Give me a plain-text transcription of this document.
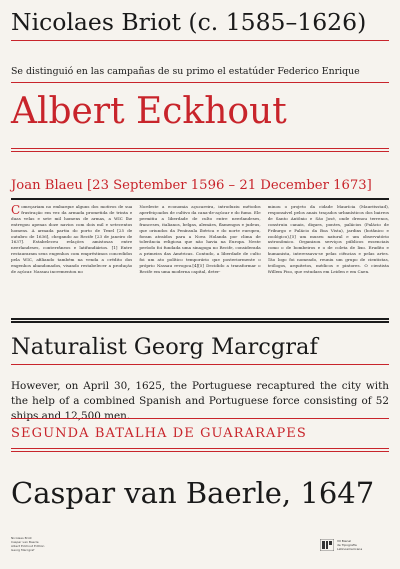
Nicolaes Briot (c. 1585–1626)
Se distinguió en las campañas de su primo el estatúder Federico Enrique
Albert Eckhout
Joan Blaeu [23 September 1596 – 21 December 1673]
Começariam no embarque alguns dos motivos de sua frustração em vez da armada prometida de trinta e duas velas e sete mil homens de armas, a WIC lhe entregou apenas doze navios com dois mil e setecentos homens. A armada partiu do porto de Texel [25 de outubro de 1636], chegando ao Recife [23 de janeiro de 1637]. Estabeleceu relações amistosas entre neerlandeses, conterrâneos e latifundiários. [1] Entre restauraram seus engenhos com empréstimos concedidos pela WIC, afiliando também na venda a crédito dos engenhos abandonados, visando restabelecer a produção de açúcar. Nassau incrementou no
Nordeste a economia açucareira, introduziu métodos aperfeiçoados de cultivo da cana-de-açúcar e do fumo. Ele permitiu a liberdade de culto entre neerlandeses, franceses, italianos, belgas, alemães, flamengos e judeus, que oriundos da Península Ibérica e do norte europeu, foram atraídos para a Nova Holanda por clima de tolerância religiosa que não havia na Europa. Neste período foi fundada uma sinagoga no Recife, considerada a primeira das Américas. Contudo, a liberdade de culto foi um ato político temporário que posteriormente o próprio Nassau revogou.[4][5] Decidido a transformar o Recife em uma moderna capital, deter-
minou o projeto da cidade Maurícia (Mauritsstad), responsável pelos anais traçados urbanísticos dos bairros de Santo Antônio e São José, onde drenou terrenos, construiu canais, diques, pontes, palácios (Palácio de Friburgo e Palácio da Boa Vista), jardins (botânico e zoológico),[5] um museu natural e um observatório astronômico. Organizou serviços públicos essenciais como o de bombeiros e o de coleta de lixo. Erudito e humanista, interessava-se pelas ciências e pelas artes. Tão logo foi nomeado, reuniu um grupo de cientistas, teólogos, arquitetos, médicos e pintores. O cientista Willem Piso, que estudara em Leiden e em Caen.
Naturalist Georg Marcgraf
However, on April 30, 1625, the Portuguese recaptured the city with the help of a combined Spanish and Portuguese force consisting of 52 ships and 12,500 men.
SEGUNDA BATALHA DE GUARARAPES
Caspar van Baerle, 1647
Nicolaes Briot
Caspar van Baerle
Albert Eckhout Edition
Georg Marcgraf
VII Bienal
de Tipografia
Latinoamericana
